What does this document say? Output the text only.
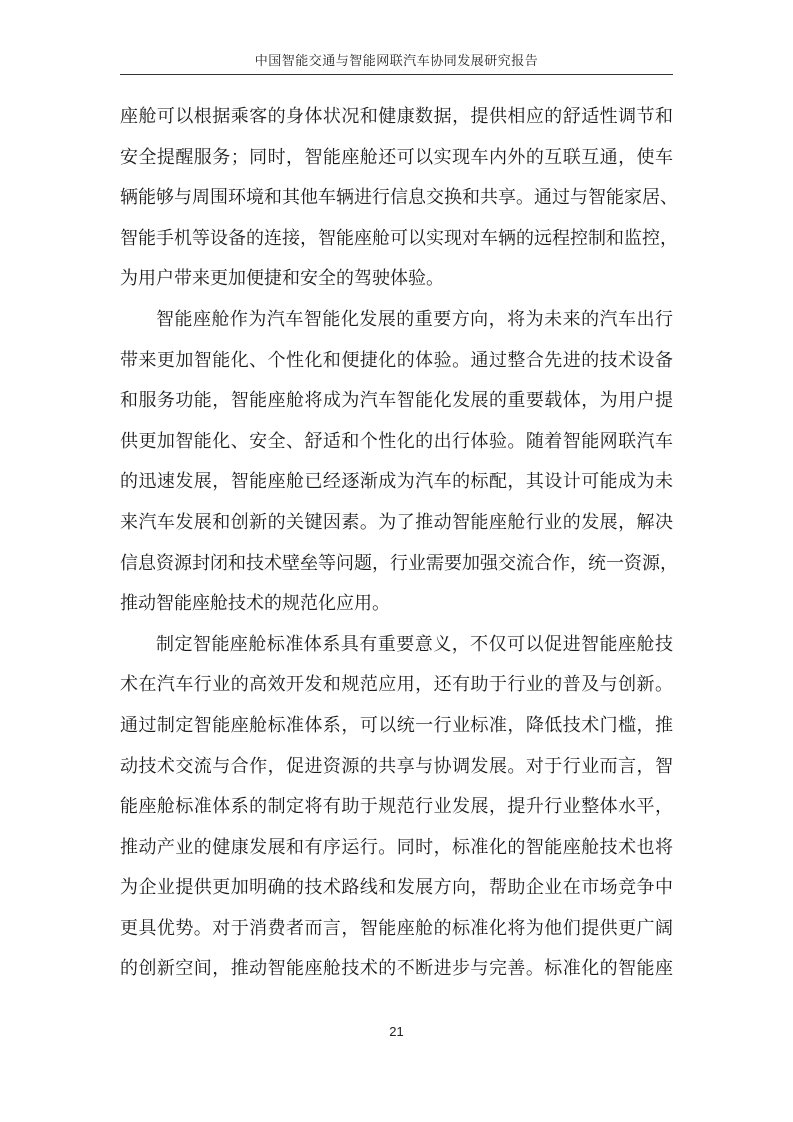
中国智能交通与智能网联汽车协同发展研究报告
座舱可以根据乘客的身体状况和健康数据，提供相应的舒适性调节和
安全提醒服务；同时，智能座舱还可以实现车内外的互联互通，使车
辆能够与周围环境和其他车辆进行信息交换和共享。通过与智能家居、
智能手机等设备的连接，智能座舱可以实现对车辆的远程控制和监控，
为用户带来更加便捷和安全的驾驶体验。
智能座舱作为汽车智能化发展的重要方向，将为未来的汽车出行
带来更加智能化、个性化和便捷化的体验。通过整合先进的技术设备
和服务功能，智能座舱将成为汽车智能化发展的重要载体，为用户提
供更加智能化、安全、舒适和个性化的出行体验。随着智能网联汽车
的迅速发展，智能座舱已经逐渐成为汽车的标配，其设计可能成为未
来汽车发展和创新的关键因素。为了推动智能座舱行业的发展，解决
信息资源封闭和技术壁垒等问题，行业需要加强交流合作，统一资源，
推动智能座舱技术的规范化应用。
制定智能座舱标准体系具有重要意义，不仅可以促进智能座舱技
术在汽车行业的高效开发和规范应用，还有助于行业的普及与创新。
通过制定智能座舱标准体系，可以统一行业标准，降低技术门槛，推
动技术交流与合作，促进资源的共享与协调发展。对于行业而言，智
能座舱标准体系的制定将有助于规范行业发展，提升行业整体水平，
推动产业的健康发展和有序运行。同时，标准化的智能座舱技术也将
为企业提供更加明确的技术路线和发展方向，帮助企业在市场竞争中
更具优势。对于消费者而言，智能座舱的标准化将为他们提供更广阔
的创新空间，推动智能座舱技术的不断进步与完善。标准化的智能座
21
